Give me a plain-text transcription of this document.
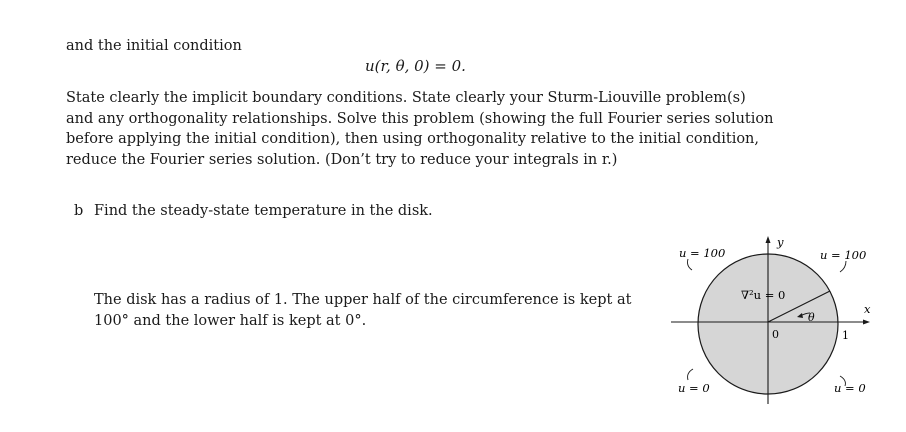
and the initial condition
u(r, θ, 0) = 0.
State clearly the implicit boundary conditions. State clearly your Sturm-Liouville problem(s)
and any orthogonality relationships. Solve this problem (showing the full Fourier series solution
before applying the initial condition), then using orthogonality relative to the initial condition,
reduce the Fourier series solution. (Don’t try to reduce your integrals in r.)
b Find the steady-state temperature in the disk.
The disk has a radius of 1. The upper half of the circumference is kept at
100° and the lower half is kept at 0°.
u = 100	u = 100
u = 0	u = 0
∇²u = 0
y
x
0	1
θ
